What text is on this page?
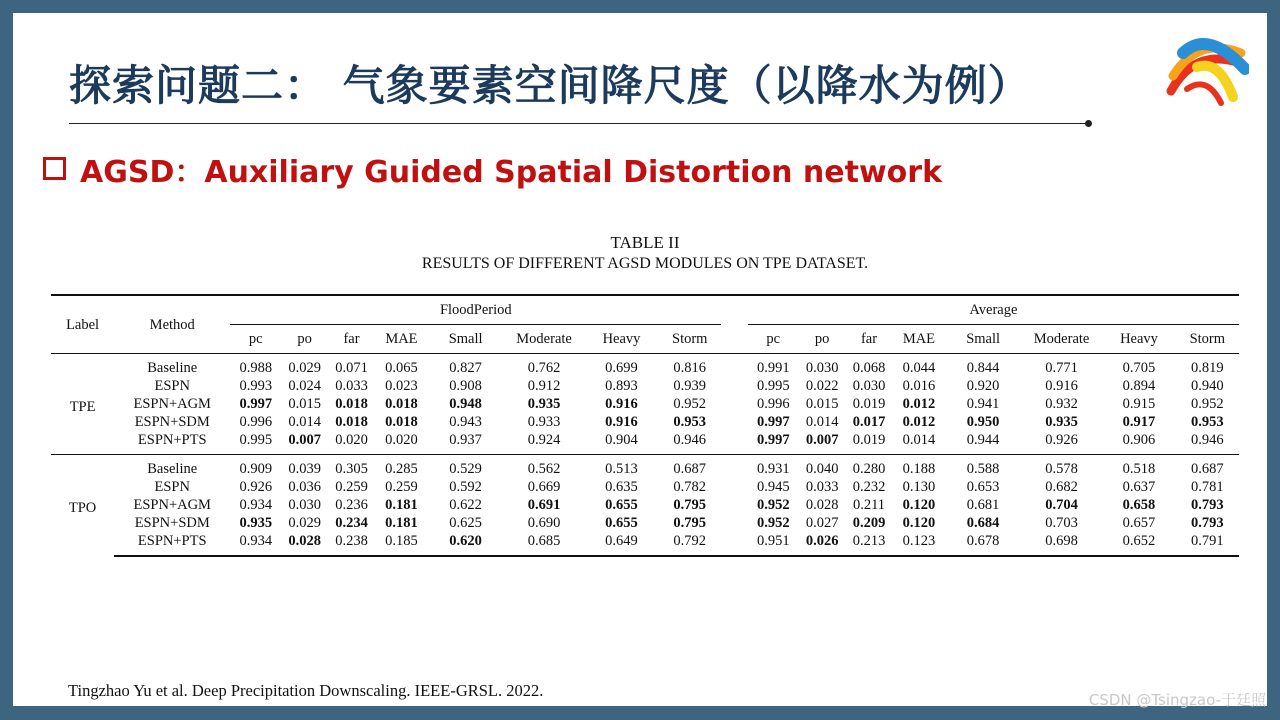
探索问题二： 气象要素空间降尺度（以降水为例）
AGSD：Auxiliary Guided Spatial Distortion network
TABLE II
RESULTS OF DIFFERENT AGSD MODULES ON TPE DATASET.
Label	Method	FloodPeriod									Average							
		pc	po	far	MAE	Small	Moderate	Heavy	Storm		pc	po	far	MAE	Small	Moderate	Heavy	Storm
TPE	Baseline	0.988	0.029	0.071	0.065	0.827	0.762	0.699	0.816		0.991	0.030	0.068	0.044	0.844	0.771	0.705	0.819
	ESPN	0.993	0.024	0.033	0.023	0.908	0.912	0.893	0.939		0.995	0.022	0.030	0.016	0.920	0.916	0.894	0.940
	ESPN+AGM	0.997	0.015	0.018	0.018	0.948	0.935	0.916	0.952		0.996	0.015	0.019	0.012	0.941	0.932	0.915	0.952
	ESPN+SDM	0.996	0.014	0.018	0.018	0.943	0.933	0.916	0.953		0.997	0.014	0.017	0.012	0.950	0.935	0.917	0.953
	ESPN+PTS	0.995	0.007	0.020	0.020	0.937	0.924	0.904	0.946		0.997	0.007	0.019	0.014	0.944	0.926	0.906	0.946
TPO	Baseline	0.909	0.039	0.305	0.285	0.529	0.562	0.513	0.687		0.931	0.040	0.280	0.188	0.588	0.578	0.518	0.687
	ESPN	0.926	0.036	0.259	0.259	0.592	0.669	0.635	0.782		0.945	0.033	0.232	0.130	0.653	0.682	0.637	0.781
	ESPN+AGM	0.934	0.030	0.236	0.181	0.622	0.691	0.655	0.795		0.952	0.028	0.211	0.120	0.681	0.704	0.658	0.793
	ESPN+SDM	0.935	0.029	0.234	0.181	0.625	0.690	0.655	0.795		0.952	0.027	0.209	0.120	0.684	0.703	0.657	0.793
	ESPN+PTS	0.934	0.028	0.238	0.185	0.620	0.685	0.649	0.792		0.951	0.026	0.213	0.123	0.678	0.698	0.652	0.791
Tingzhao Yu et al. Deep Precipitation Downscaling. IEEE-GRSL. 2022.	CSDN @Tsingzao-于廷照
